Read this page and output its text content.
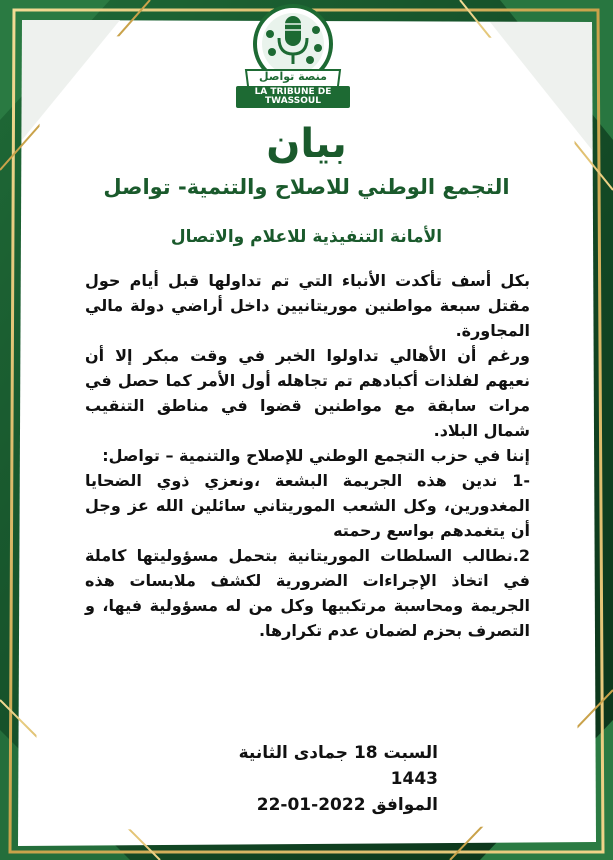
منصة تواصل
LA TRIBUNE DE TWASSOUL
بيان
التجمع الوطني للاصلاح والتنمية- تواصل
الأمانة التنفيذية للاعلام والاتصال

بكل أسف تأكدت الأنباء التي تم تداولها قبل أيام حول مقتل سبعة مواطنين موريتانيين داخل أراضي دولة مالي المجاورة.

ورغم أن الأهالي تداولوا الخبر في وقت مبكر إلا أن نعيهم لفلذات أكبادهم تم تجاهله أول الأمر كما حصل في مرات سابقة مع مواطنين قضوا في مناطق التنقيب شمال البلاد.

إننا في حزب التجمع الوطني للإصلاح والتنمية – تواصل:

-1 ندين هذه الجريمة البشعة ،ونعزي ذوي الضحايا المغدورين، وكل الشعب الموريتاني سائلين الله عز وجل أن يتغمدهم بواسع رحمته

2.نطالب السلطات الموريتانية بتحمل مسؤوليتها كاملة في اتخاذ الإجراءات الضرورية لكشف ملابسات هذه الجريمة ومحاسبة مرتكبيها وكل من له مسؤولية فيها، و التصرف بحزم لضمان عدم تكرارها.

السبت 18 جمادى الثانية 1443
الموافق 2022-01-22
